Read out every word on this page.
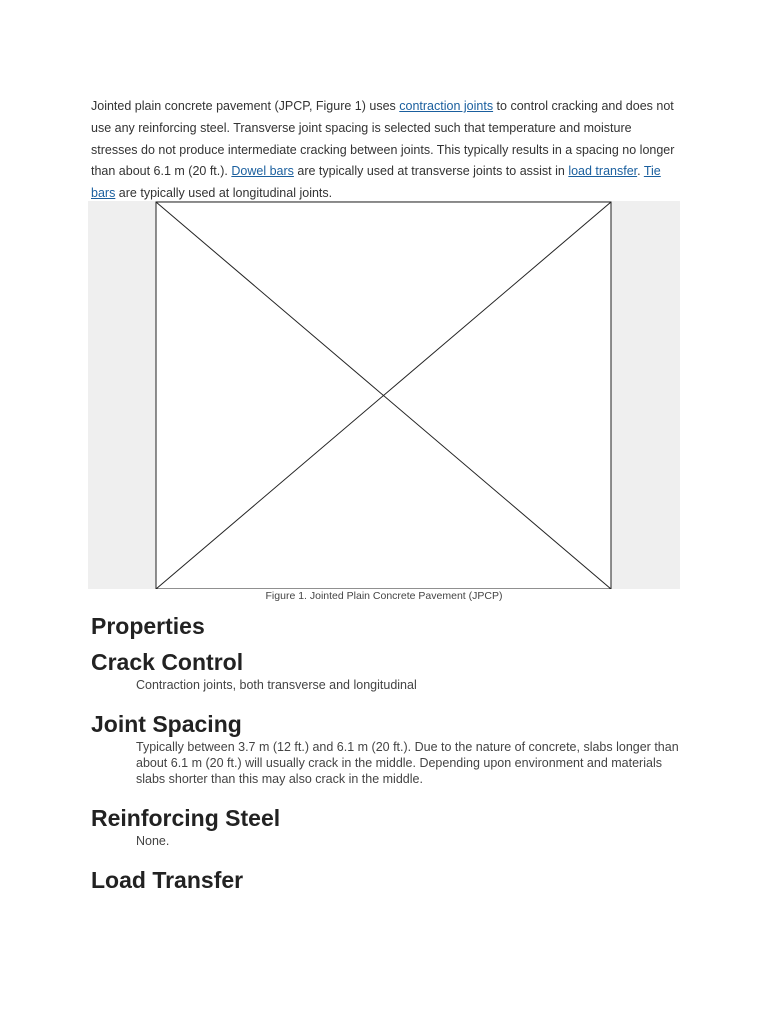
Jointed plain concrete pavement (JPCP, Figure 1) uses contraction joints to control cracking and does not use any reinforcing steel. Transverse joint spacing is selected such that temperature and moisture stresses do not produce intermediate cracking between joints. This typically results in a spacing no longer than about 6.1 m (20 ft.). Dowel bars are typically used at transverse joints to assist in load transfer. Tie bars are typically used at longitudinal joints.

Figure 1. Jointed Plain Concrete Pavement (JPCP)
Properties
Crack Control

Contraction joints, both transverse and longitudinal

Joint Spacing

Typically between 3.7 m (12 ft.) and 6.1 m (20 ft.). Due to the nature of concrete, slabs longer than about 6.1 m (20 ft.) will usually crack in the middle. Depending upon environment and materials slabs shorter than this may also crack in the middle.

Reinforcing Steel

None.

Load Transfer
